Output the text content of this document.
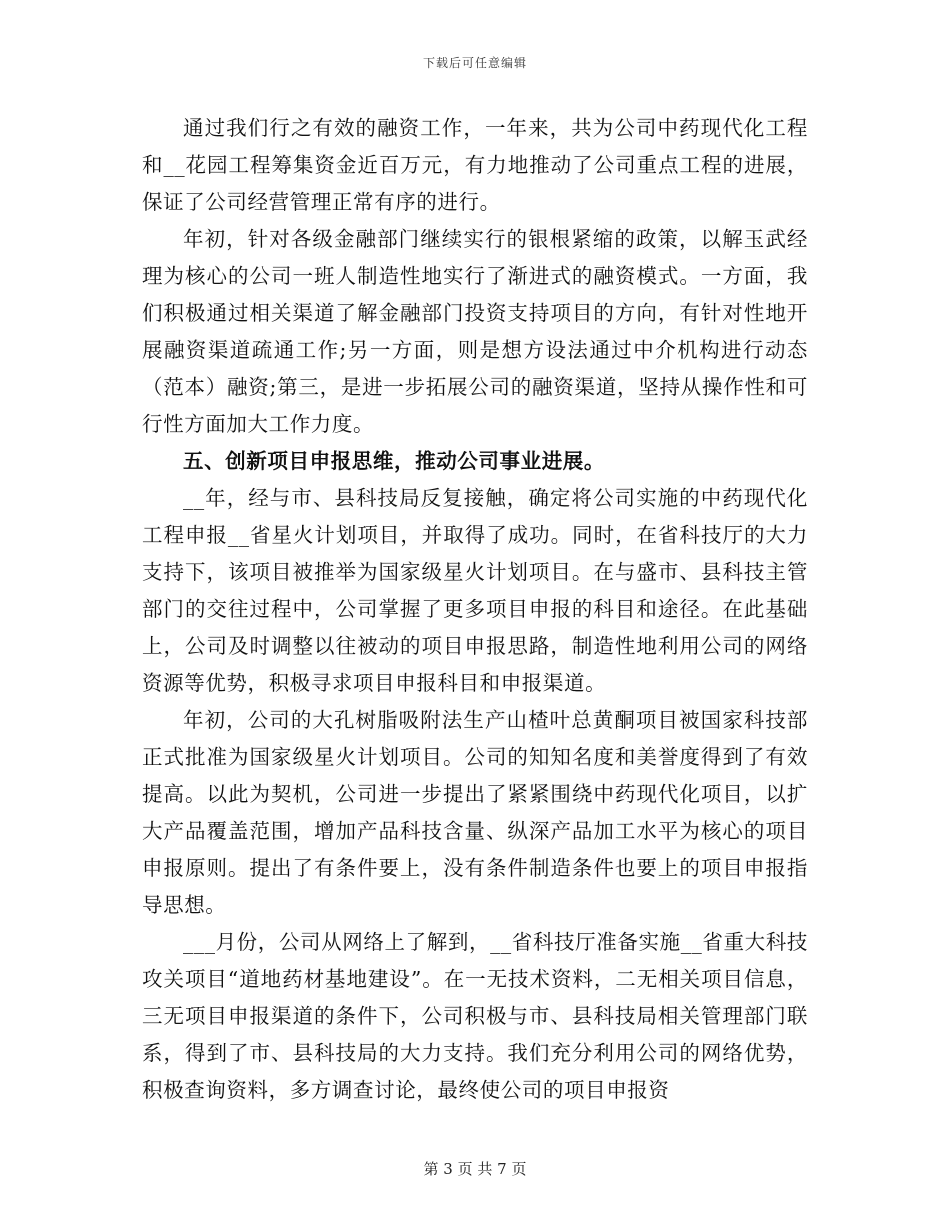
下载后可任意编辑

通过我们行之有效的融资工作，一年来，共为公司中药现代化工程和__花园工程筹集资金近百万元，有力地推动了公司重点工程的进展，保证了公司经营管理正常有序的进行。

年初，针对各级金融部门继续实行的银根紧缩的政策，以解玉武经理为核心的公司一班人制造性地实行了渐进式的融资模式。一方面，我们积极通过相关渠道了解金融部门投资支持项目的方向，有针对性地开展融资渠道疏通工作;另一方面，则是想方设法通过中介机构进行动态（范本）融资;第三，是进一步拓展公司的融资渠道，坚持从操作性和可行性方面加大工作力度。

五、创新项目申报思维，推动公司事业进展。

__年，经与市、县科技局反复接触，确定将公司实施的中药现代化工程申报__省星火计划项目，并取得了成功。同时，在省科技厅的大力支持下，该项目被推举为国家级星火计划项目。在与盛市、县科技主管部门的交往过程中，公司掌握了更多项目申报的科目和途径。在此基础上，公司及时调整以往被动的项目申报思路，制造性地利用公司的网络资源等优势，积极寻求项目申报科目和申报渠道。

年初，公司的大孔树脂吸附法生产山楂叶总黄酮项目被国家科技部正式批准为国家级星火计划项目。公司的知知名度和美誉度得到了有效提高。以此为契机，公司进一步提出了紧紧围绕中药现代化项目，以扩大产品覆盖范围，增加产品科技含量、纵深产品加工水平为核心的项目申报原则。提出了有条件要上，没有条件制造条件也要上的项目申报指导思想。

___月份，公司从网络上了解到，__省科技厅准备实施__省重大科技攻关项目“道地药材基地建设”。在一无技术资料，二无相关项目信息，三无项目申报渠道的条件下，公司积极与市、县科技局相关管理部门联系，得到了市、县科技局的大力支持。我们充分利用公司的网络优势，积极查询资料，多方调查讨论，最终使公司的项目申报资

第 3 页 共 7 页
